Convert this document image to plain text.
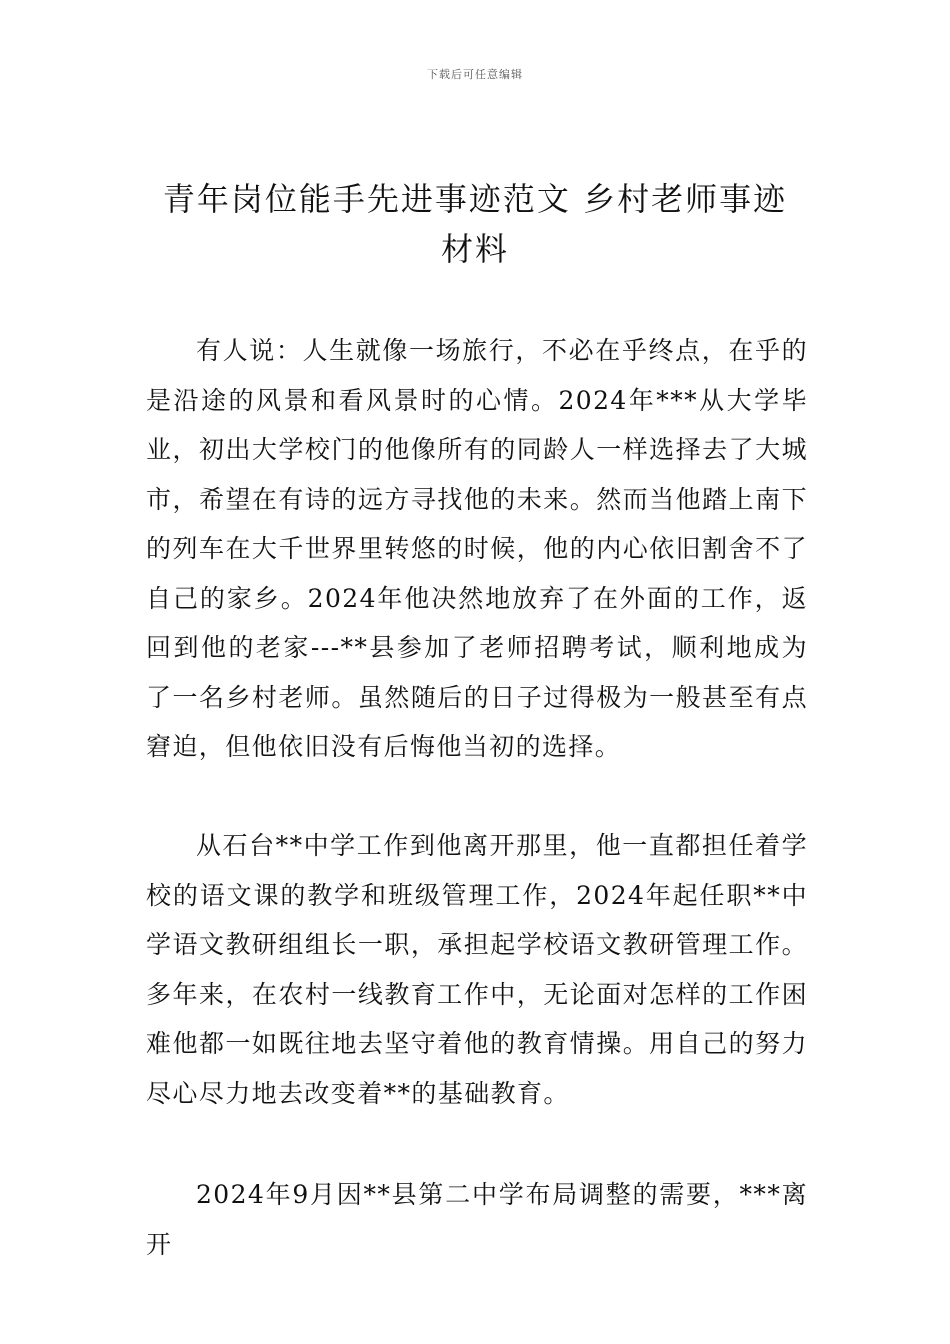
下载后可任意编辑
青年岗位能手先进事迹范文 乡村老师事迹
材料

有人说：人生就像一场旅行，不必在乎终点，在乎的是沿途的风景和看风景时的心情。2024年***从大学毕业，初出大学校门的他像所有的同龄人一样选择去了大城市，希望在有诗的远方寻找他的未来。然而当他踏上南下的列车在大千世界里转悠的时候，他的内心依旧割舍不了自己的家乡。2024年他决然地放弃了在外面的工作，返回到他的老家---**县参加了老师招聘考试，顺利地成为了一名乡村老师。虽然随后的日子过得极为一般甚至有点窘迫，但他依旧没有后悔他当初的选择。

从石台**中学工作到他离开那里，他一直都担任着学校的语文课的教学和班级管理工作，2024年起任职**中学语文教研组组长一职，承担起学校语文教研管理工作。多年来，在农村一线教育工作中，无论面对怎样的工作困难他都一如既往地去坚守着他的教育情操。用自己的努力尽心尽力地去改变着**的基础教育。

2024年9月因**县第二中学布局调整的需要，***离开
